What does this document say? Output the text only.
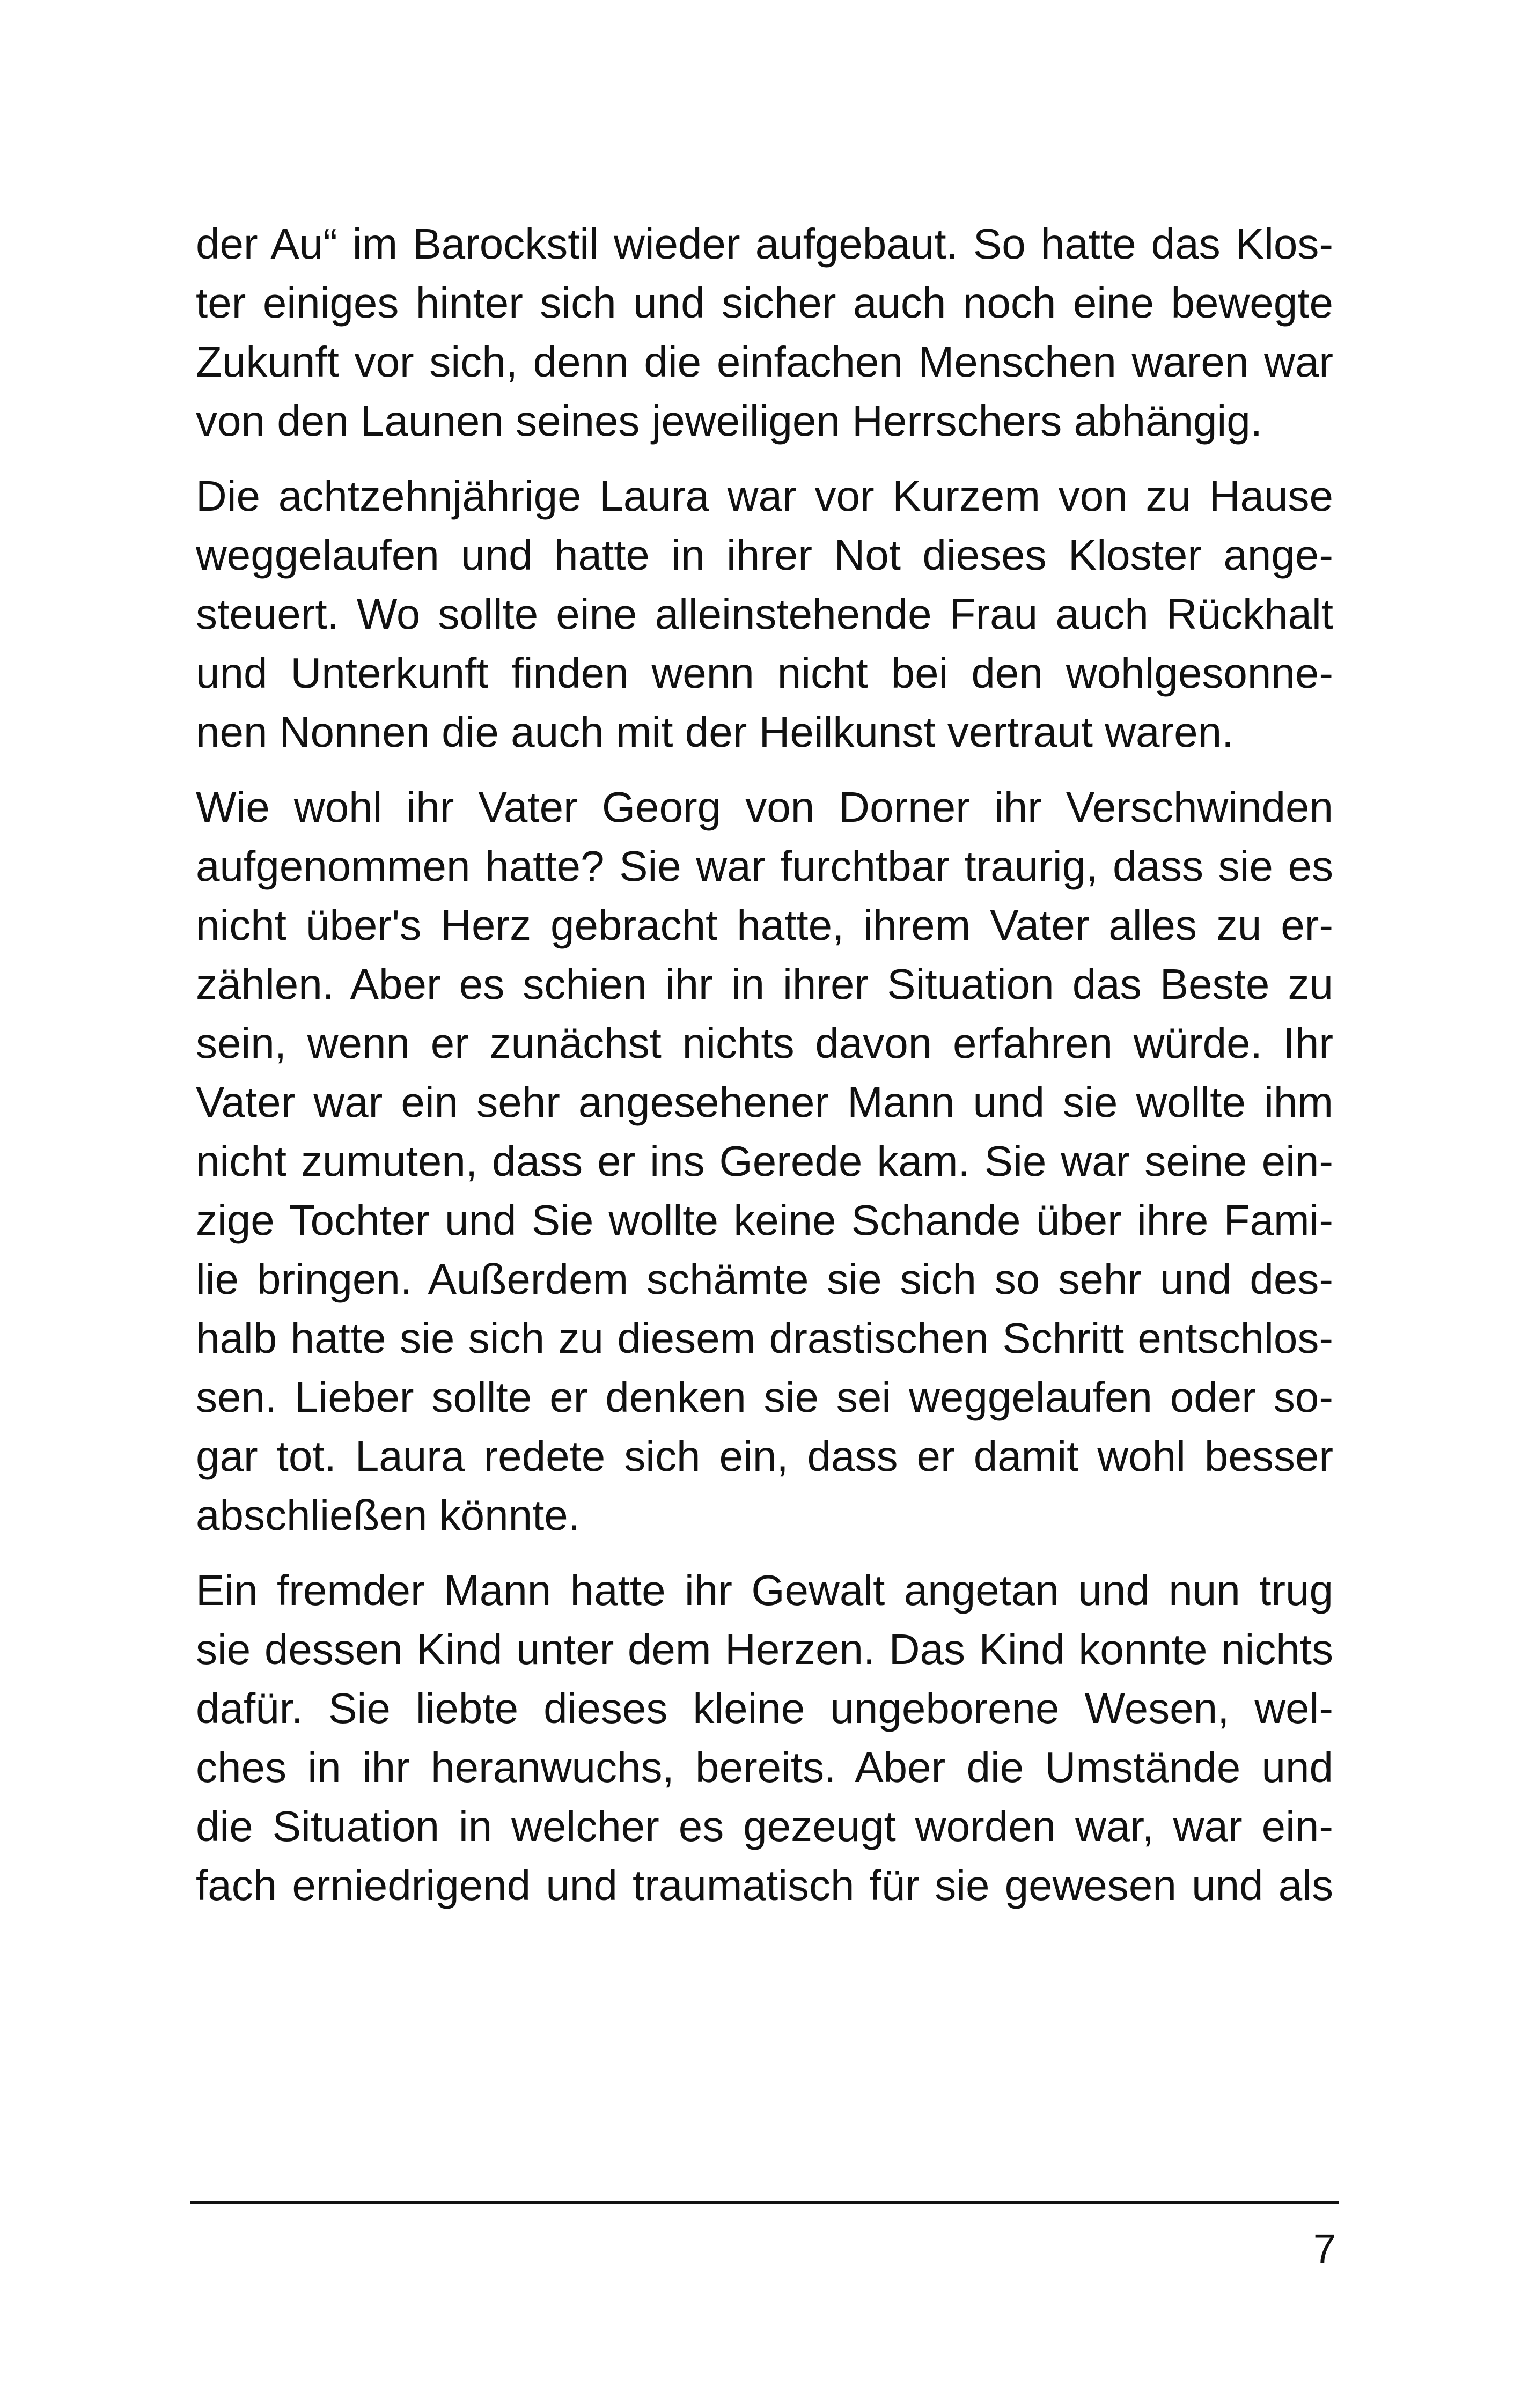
der Au“ im Barockstil wieder aufgebaut. So hatte das Klos-
ter einiges hinter sich und sicher auch noch eine bewegte
Zukunft vor sich, denn die einfachen Menschen waren war
von den Launen seines jeweiligen Herrschers abhängig.
Die achtzehnjährige Laura war vor Kurzem von zu Hause
weggelaufen und hatte in ihrer Not dieses Kloster ange-
steuert. Wo sollte eine alleinstehende Frau auch Rückhalt
und Unterkunft finden wenn nicht bei den wohlgesonne-
nen Nonnen die auch mit der Heilkunst vertraut waren.
Wie wohl ihr Vater Georg von Dorner ihr Verschwinden
aufgenommen hatte? Sie war furchtbar traurig, dass sie es
nicht über's Herz gebracht hatte, ihrem Vater alles zu er-
zählen. Aber es schien ihr in ihrer Situation das Beste zu
sein, wenn er zunächst nichts davon erfahren würde. Ihr
Vater war ein sehr angesehener Mann und sie wollte ihm
nicht zumuten, dass er ins Gerede kam. Sie war seine ein-
zige Tochter und Sie wollte keine Schande über ihre Fami-
lie bringen. Außerdem schämte sie sich so sehr und des-
halb hatte sie sich zu diesem drastischen Schritt entschlos-
sen. Lieber sollte er denken sie sei weggelaufen oder so-
gar tot. Laura redete sich ein, dass er damit wohl besser
abschließen könnte.
Ein fremder Mann hatte ihr Gewalt angetan und nun trug
sie dessen Kind unter dem Herzen. Das Kind konnte nichts
dafür. Sie liebte dieses kleine ungeborene Wesen, wel-
ches in ihr heranwuchs, bereits. Aber die Umstände und
die Situation in welcher es gezeugt worden war, war ein-
fach erniedrigend und traumatisch für sie gewesen und als
7
